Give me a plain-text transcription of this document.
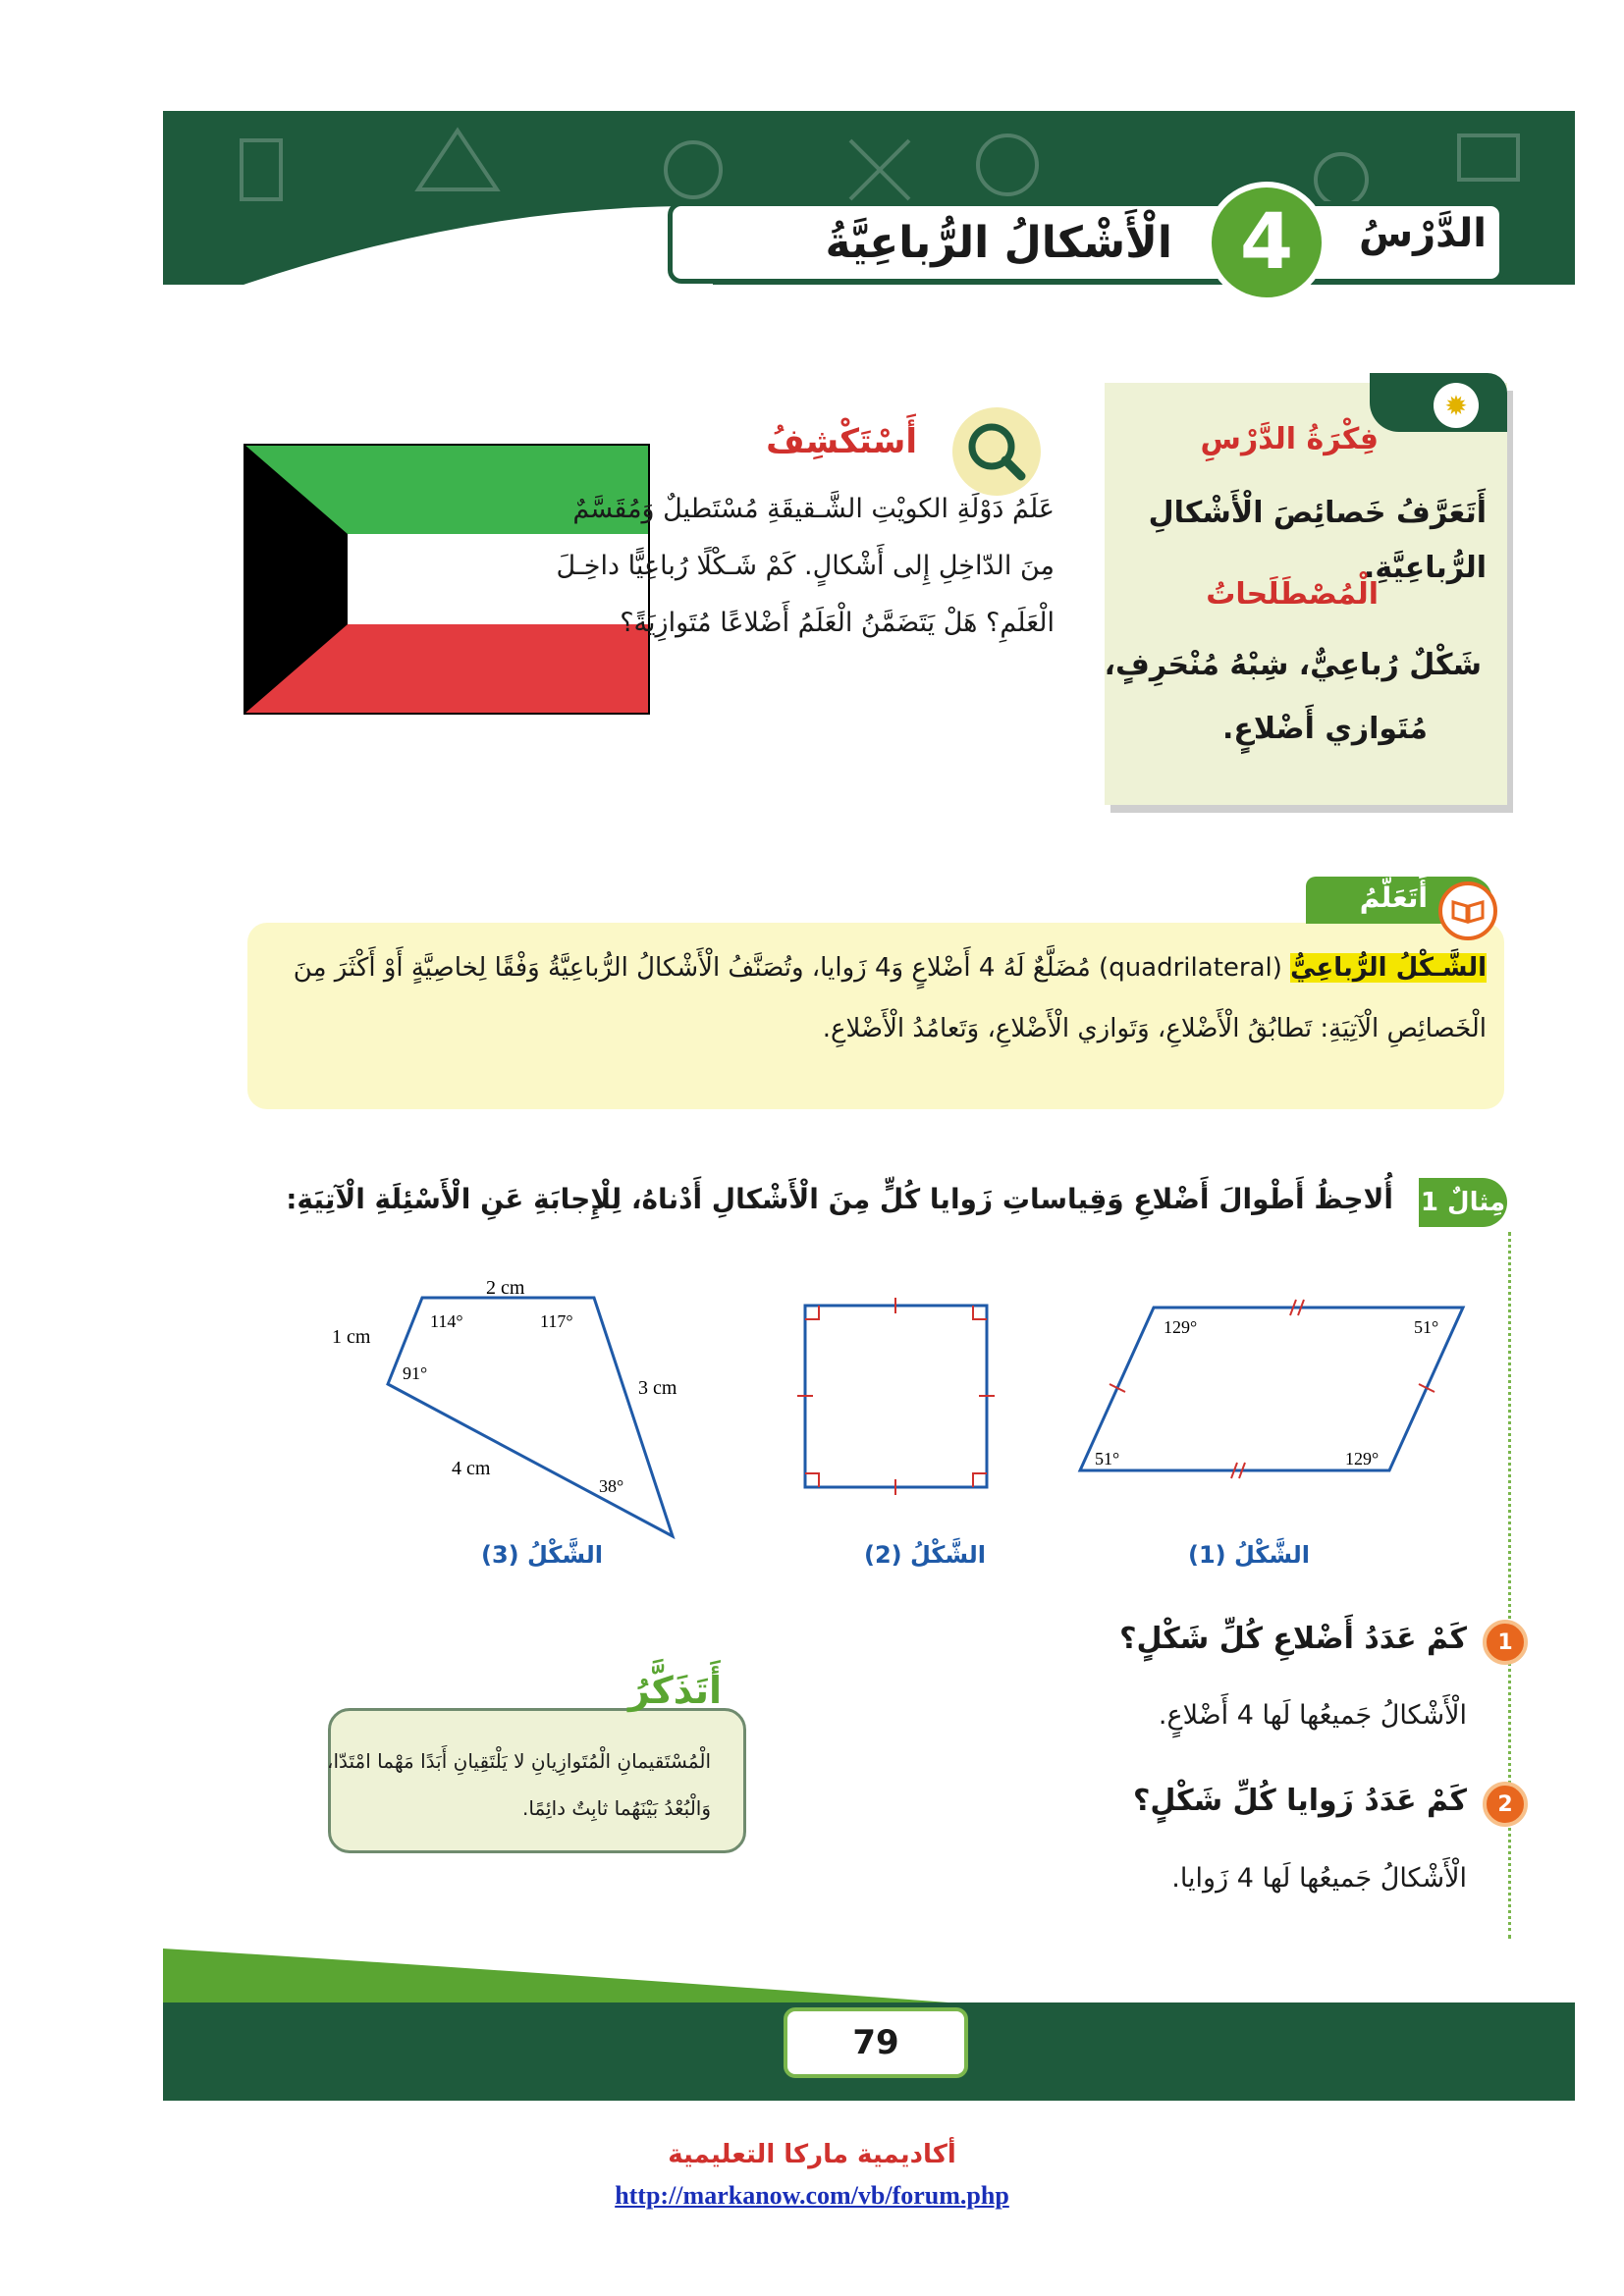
الدَّرْسُ
4
الْأَشْكالُ الرُّباعِيَّةُ
أَسْتَكْشِفُ
عَلَمُ دَوْلَةِ الكويْتِ الشَّـقيقَةِ مُسْتَطيلٌ وَمُقَسَّمٌ مِنَ الدّاخِلِ إِلى أَشْكالٍ. كَمْ شَـكْلًا رُباعِيًّا داخِـلَ الْعَلَمِ؟ هَلْ يَتَضَمَّنُ الْعَلَمُ أَضْلاعًا مُتَوازِيَةً؟
✹
فِكْرَةُ الدَّرْسِ
أَتَعَرَّفُ خَصائِصَ الْأَشْكالِ الرُّباعِيَّةِ.
الْمُصْطَلَحاتُ
شَكْلٌ رُباعِيٌّ، شِبْهُ مُنْحَرِفٍ،
مُتَوازي أَضْلاعٍ.
أَتَعَلَّمُ
الشَّـكْلُ الرُّباعِيُّ (quadrilateral) مُضَلَّعٌ لَهُ 4 أَضْلاعٍ وَ4 زَوايا، وتُصَنَّفُ الْأَشْكالُ الرُّباعِيَّةُ وَفْقًا لِخاصِيَّةٍ أَوْ أَكْثَرَ مِنَ الْخَصائِصِ الْآتِيَةِ: تَطابُقُ الْأَضْلاعِ، وَتَوازي الْأَضْلاعِ، وَتَعامُدُ الْأَضْلاعِ.
مِثالٌ 1
أُلاحِظُ أَطْوالَ أَضْلاعِ وَقِياساتِ زَوايا كُلٍّ مِنَ الْأَشْكالِ أَدْناهُ، لِلْإِجابَةِ عَنِ الْأَسْئِلَةِ الْآتِيَةِ:
2 cm
1 cm
3 cm
4 cm
114°	117°
91°
38°
129°	51°
51°	129°
الشَّكْلُ (1)
الشَّكْلُ (2)
الشَّكْلُ (3)
1
كَمْ عَدَدُ أَضْلاعِ كُلِّ شَكْلٍ؟
الْأَشْكالُ جَميعُها لَها 4 أَضْلاعٍ.
2
كَمْ عَدَدُ زَوايا كُلِّ شَكْلٍ؟
الْأَشْكالُ جَميعُها لَها 4 زَوايا.
أَتَذَكَّرُ
الْمُسْتَقيمانِ الْمُتَوازِيانِ لا يَلْتَقِيانِ أَبَدًا مَهْما امْتَدّا، وَالْبُعْدُ بَيْنَهُما ثابِتٌ دائِمًا.
79
أكاديمية ماركا التعليمية
http://markanow.com/vb/forum.php
